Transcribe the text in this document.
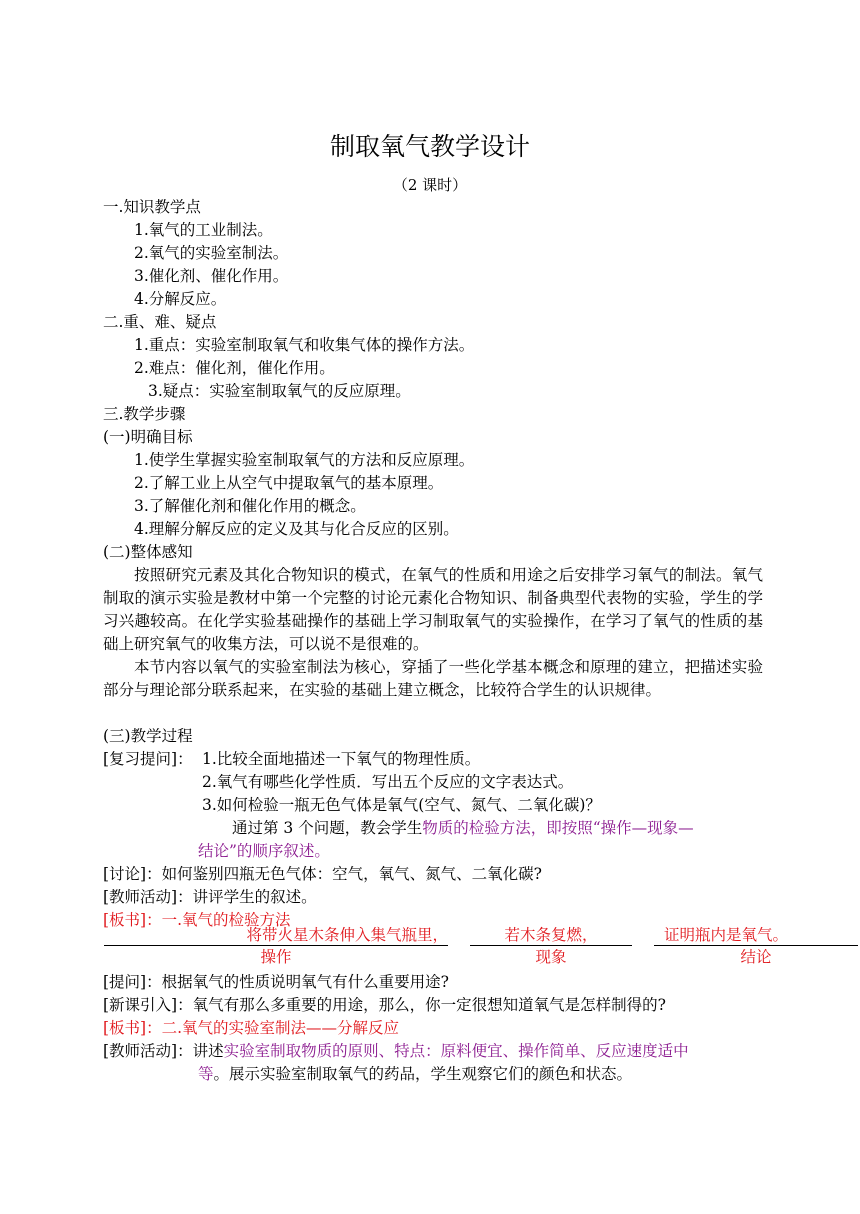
制取氧气教学设计
（2 课时）
一.知识教学点
1.氧气的工业制法。
2.氧气的实验室制法。
3.催化剂、催化作用。
4.分解反应。
二.重、难、疑点
1.重点：实验室制取氧气和收集气体的操作方法。
2.难点：催化剂，催化作用。
3.疑点：实验室制取氧气的反应原理。
三.教学步骤
(一)明确目标
1.使学生掌握实验室制取氧气的方法和反应原理。
2.了解工业上从空气中提取氧气的基本原理。
3.了解催化剂和催化作用的概念。
4.理解分解反应的定义及其与化合反应的区别。
(二)整体感知
按照研究元素及其化合物知识的模式，在氧气的性质和用途之后安排学习氧气的制法。氧气制取的演示实验是教材中第一个完整的讨论元素化合物知识、制备典型代表物的实验，学生的学习兴趣较高。在化学实验基础操作的基础上学习制取氧气的实验操作，在学习了氧气的性质的基础上研究氧气的收集方法，可以说不是很难的。
本节内容以氧气的实验室制法为核心，穿插了一些化学基本概念和原理的建立，把描述实验部分与理论部分联系起来，在实验的基础上建立概念，比较符合学生的认识规律。
(三)教学过程
[复习提问]： 1.比较全面地描述一下氧气的物理性质。
2.氧气有哪些化学性质．写出五个反应的文字表达式。
3.如何检验一瓶无色气体是氧气(空气、氮气、二氧化碳)？
通过第 3 个问题，教会学生物质的检验方法，即按照“操作—现象—
结论”的顺序叙述。
[讨论]：如何鉴别四瓶无色气体：空气，氧气、氮气、二氧化碳?
[教师活动]：讲评学生的叙述。
[板书]：一.氧气的检验方法
将带火星木条伸入集气瓶里，	若木条复燃，	证明瓶内是氧气。
操作	现象	结论
[提问]：根据氧气的性质说明氧气有什么重要用途?
[新课引入]：氧气有那么多重要的用途，那么，你一定很想知道氧气是怎样制得的?
[板书]：二.氧气的实验室制法——分解反应
[教师活动]：讲述实验室制取物质的原则、特点：原料便宜、操作简单、反应速度适中
等。展示实验室制取氧气的药品，学生观察它们的颜色和状态。
